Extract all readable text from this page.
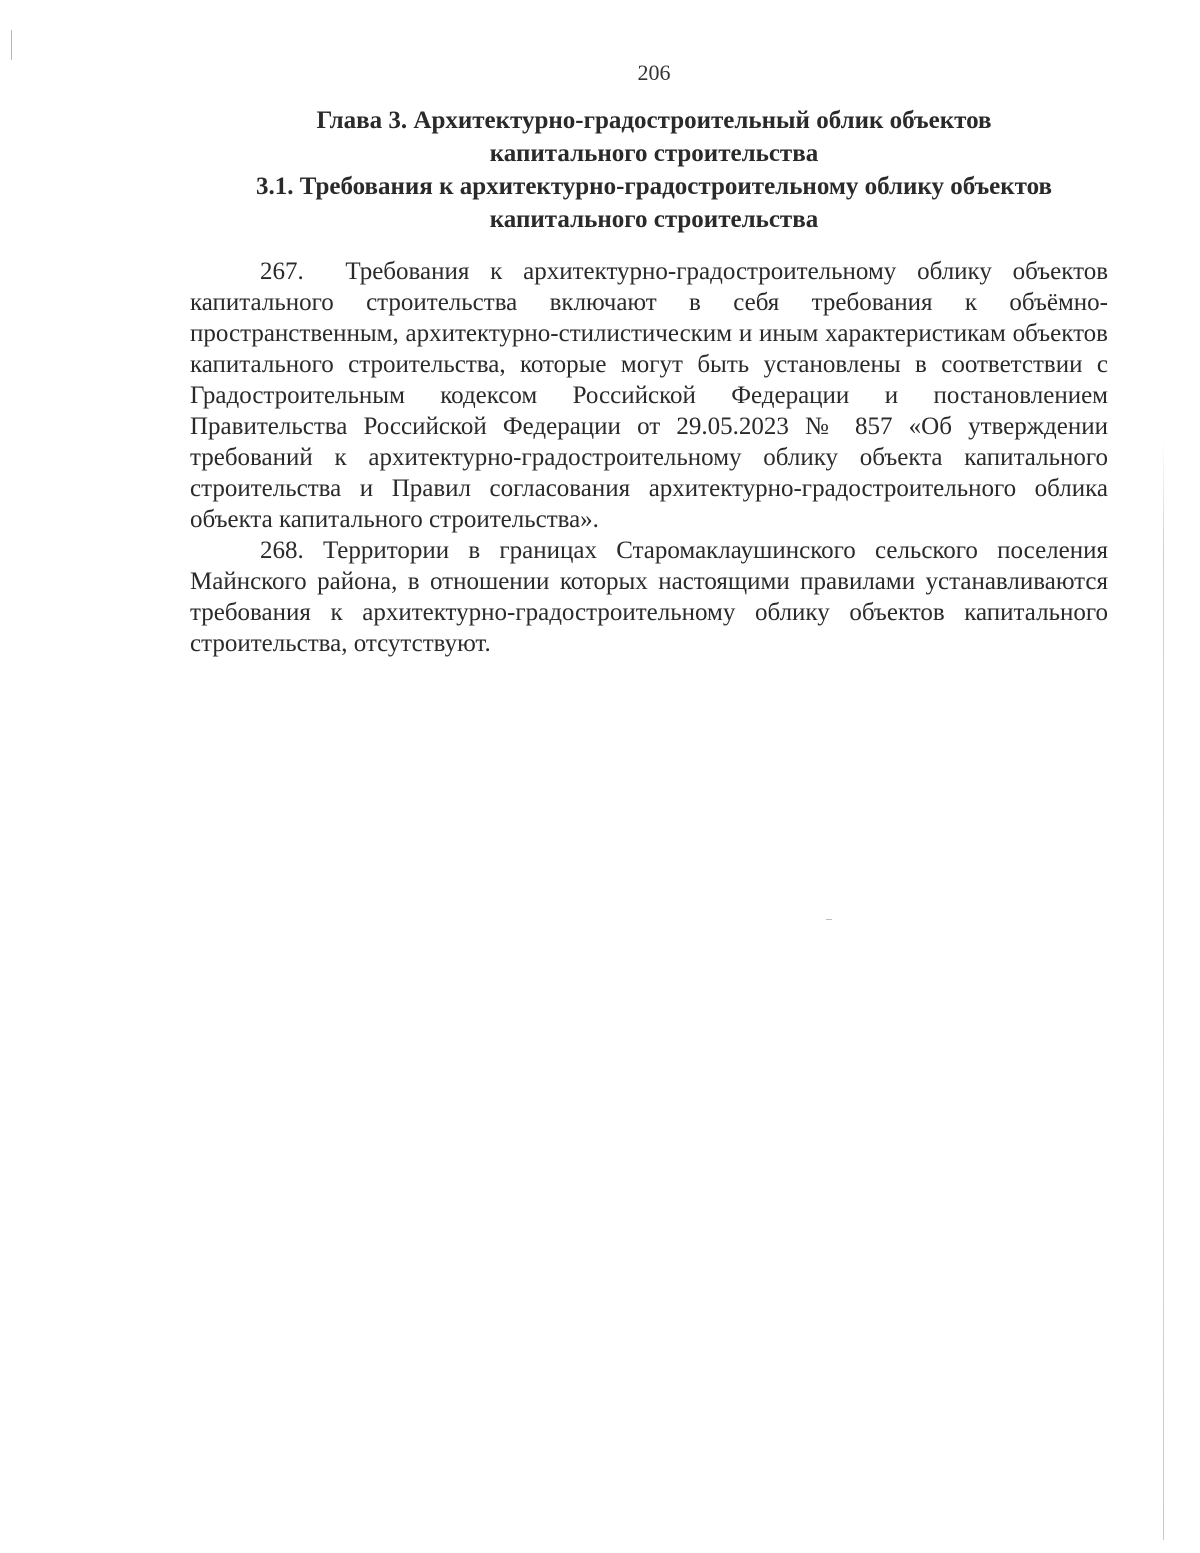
206
Глава 3. Архитектурно-градостроительный облик объектов
капитального строительства
3.1. Требования к архитектурно-градостроительному облику объектов
капитального строительства

267. Требования к архитектурно-градостроительному облику объектов капитального строительства включают в себя требования к объёмно-пространственным, архитектурно-стилистическим и иным характеристикам объектов капитального строительства, которые могут быть установлены в соответствии с Градостроительным кодексом Российской Федерации и постановлением Правительства Российской Федерации от 29.05.2023 № 857 «Об утверждении требований к архитектурно-градостроительному облику объекта капитального строительства и Правил согласования архитектурно-градостроительного облика объекта капитального строительства».

268. Территории в границах Старомаклаушинского сельского поселения Майнского района, в отношении которых настоящими правилами устанавливаются требования к архитектурно-градостроительному облику объектов капитального строительства, отсутствуют.
